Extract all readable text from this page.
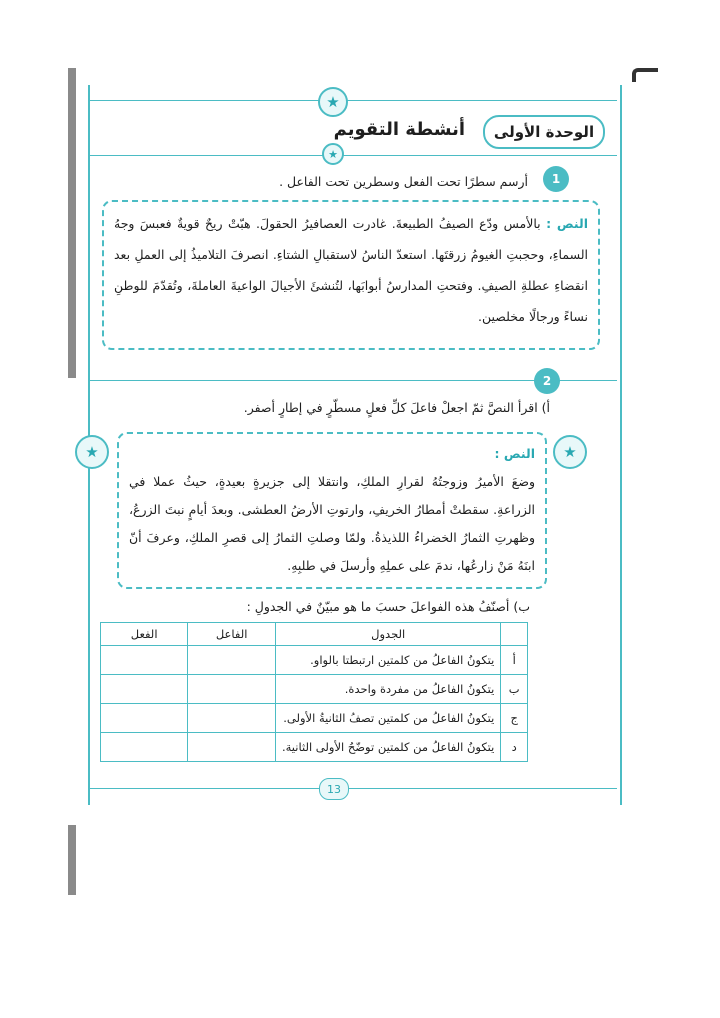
★
★
★	★
الوحدة الأولى
أنشطة التقويم
1
أرسم سطرًا تحت الفعل وسطرين تحت الفاعل .

النص : بالأمس ودّع الصيفُ الطبيعةَ. غادرت العصافيرُ الحقولَ. هبّتْ ريحٌ قويةٌ فعبسَ وجهُ السماءِ، وحجبتِ الغيومُ زرقتَها. استعدّ الناسُ لاستقبالِ الشتاءِ. انصرفَ التلاميذُ إلى العملِ بعد انقضاءِ عطلةِ الصيفِ. وفتحتِ المدارسُ أبوابَها، لتُنشئَ الأجيالَ الواعيةَ العاملةَ، وتُقدّمَ للوطنِ نساءً ورجالًا مخلصين.

2
أ) اقرأ النصَّ ثمّ اجعلْ فاعلَ كلِّ فعلٍ مسطّرٍ في إطارٍ أصفر.

النص :
وضعَ الأميرُ وزوجتُهُ لقرارِ الملكِ، وانتقلا إلى جزيرةٍ بعيدةٍ، حيثُ عملا في الزراعةِ. سقطتْ أمطارُ الخريفِ، وارتوتِ الأرضُ العطشى. وبعدَ أيامٍ نبتَ الزرعُ، وظهرتِ الثمارُ الخضراءُ اللذيذةُ. ولمّا وصلتِ الثمارُ إلى قصرِ الملكِ، وعرفَ أنّ ابنَهُ مَنْ زارعُها، ندمَ على عملِهِ وأرسلَ في طلبِهِ.

ب) أصنّفُ هذه الفواعلَ حسبَ ما هو مبيّنٌ في الجدولِ :
	الجدول	الفاعل	الفعل
أ	يتكونُ الفاعلُ من كلمتين ارتبطتا بالواو.		
ب	يتكونُ الفاعلُ من مفردة واحدة.		
ج	يتكونُ الفاعلُ من كلمتين تصفُ الثانيةُ الأولى.		
د	يتكونُ الفاعلُ من كلمتين توضّحُ الأولى الثانية.		
13
